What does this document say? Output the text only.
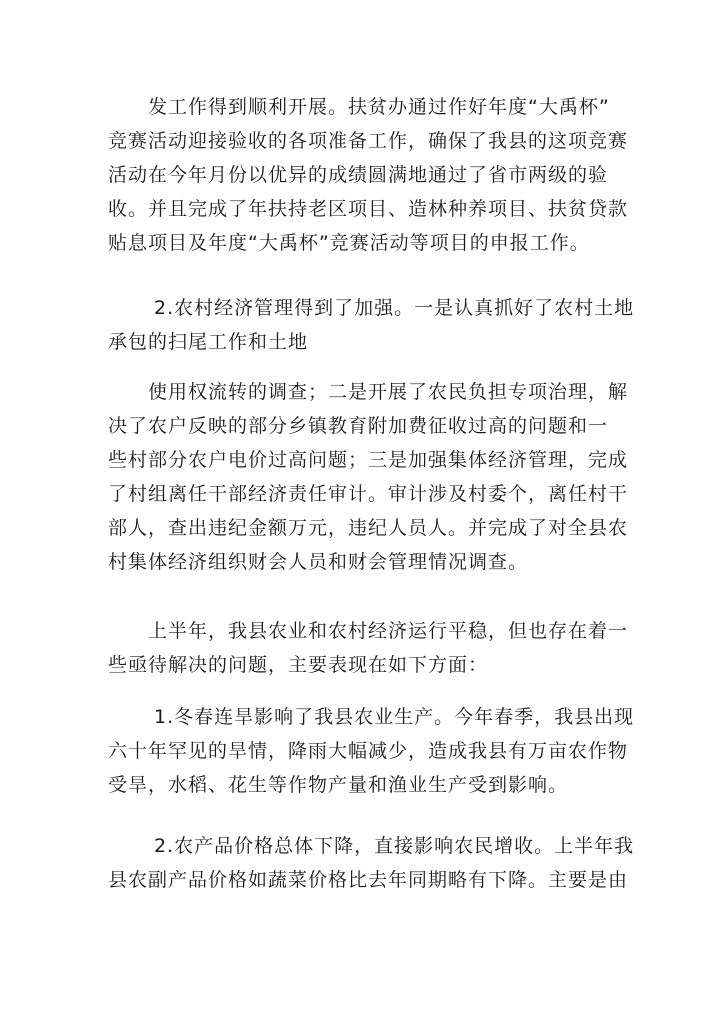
发工作得到顺利开展。扶贫办通过作好年度“大禹杯”
竞赛活动迎接验收的各项准备工作，确保了我县的这项竞赛
活动在今年月份以优异的成绩圆满地通过了省市两级的验
收。并且完成了年扶持老区项目、造林种养项目、扶贫贷款
贴息项目及年度“大禹杯”竞赛活动等项目的申报工作。
2.农村经济管理得到了加强。一是认真抓好了农村土地
承包的扫尾工作和土地
使用权流转的调查；二是开展了农民负担专项治理，解
决了农户反映的部分乡镇教育附加费征收过高的问题和一
些村部分农户电价过高问题；三是加强集体经济管理，完成
了村组离任干部经济责任审计。审计涉及村委个，离任村干
部人，查出违纪金额万元，违纪人员人。并完成了对全县农
村集体经济组织财会人员和财会管理情况调查。
上半年，我县农业和农村经济运行平稳，但也存在着一
些亟待解决的问题，主要表现在如下方面：
1.冬春连旱影响了我县农业生产。今年春季，我县出现
六十年罕见的旱情，降雨大幅减少，造成我县有万亩农作物
受旱，水稻、花生等作物产量和渔业生产受到影响。
2.农产品价格总体下降，直接影响农民增收。上半年我
县农副产品价格如蔬菜价格比去年同期略有下降。主要是由
